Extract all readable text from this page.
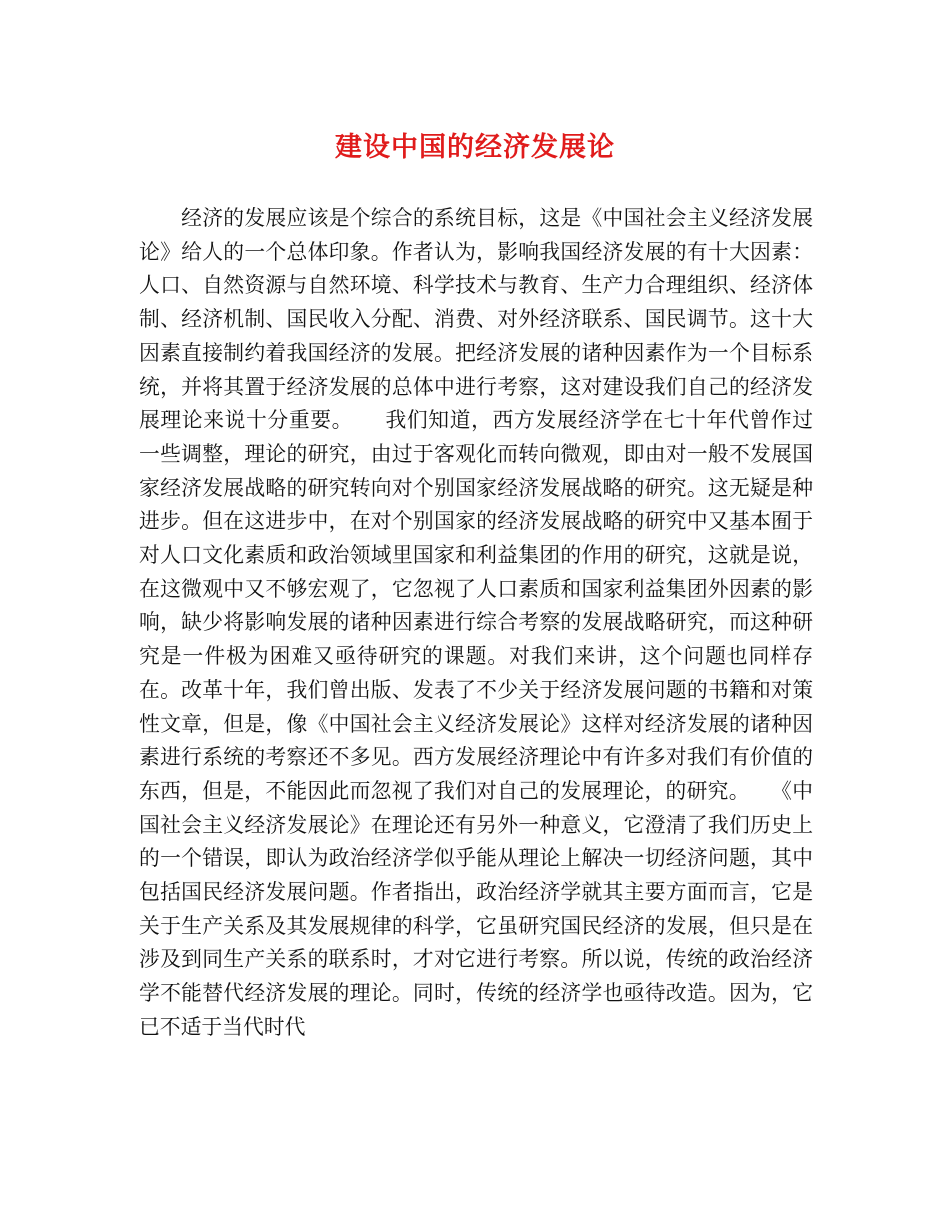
建设中国的经济发展论
　　经济的发展应该是个综合的系统目标，这是《中国社会主义经济发展论》给人的一个总体印象。作者认为，影响我国经济发展的有十大因素：人口、自然资源与自然环境、科学技术与教育、生产力合理组织、经济体制、经济机制、国民收入分配、消费、对外经济联系、国民调节。这十大因素直接制约着我国经济的发展。把经济发展的诸种因素作为一个目标系统，并将其置于经济发展的总体中进行考察，这对建设我们自己的经济发展理论来说十分重要。　　我们知道，西方发展经济学在七十年代曾作过一些调整，理论的研究，由过于客观化而转向微观，即由对一般不发展国家经济发展战略的研究转向对个别国家经济发展战略的研究。这无疑是种进步。但在这进步中，在对个别国家的经济发展战略的研究中又基本囿于对人口文化素质和政治领域里国家和利益集团的作用的研究，这就是说，在这微观中又不够宏观了，它忽视了人口素质和国家利益集团外因素的影响，缺少将影响发展的诸种因素进行综合考察的发展战略研究，而这种研究是一件极为困难又亟待研究的课题。对我们来讲，这个问题也同样存在。改革十年，我们曾出版、发表了不少关于经济发展问题的书籍和对策性文章，但是，像《中国社会主义经济发展论》这样对经济发展的诸种因素进行系统的考察还不多见。西方发展经济理论中有许多对我们有价值的东西，但是，不能因此而忽视了我们对自己的发展理论，的研究。　　《中国社会主义经济发展论》在理论还有另外一种意义，它澄清了我们历史上的一个错误，即认为政治经济学似乎能从理论上解决一切经济问题，其中包括国民经济发展问题。作者指出，政治经济学就其主要方面而言，它是关于生产关系及其发展规律的科学，它虽研究国民经济的发展，但只是在涉及到同生产关系的联系时，才对它进行考察。所以说，传统的政治经济学不能替代经济发展的理论。同时，传统的经济学也亟待改造。因为，它已不适于当代时代
